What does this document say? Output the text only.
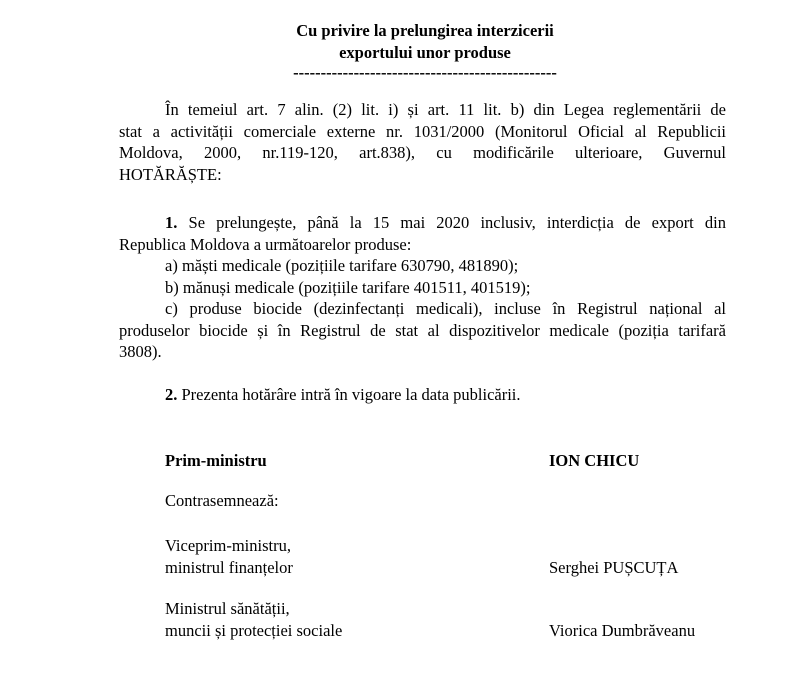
Cu privire la prelungirea interzicerii
exportului unor produse
------------------------------------------------
În temeiul art. 7 alin. (2) lit. i) și art. 11 lit. b) din Legea reglementării de
stat a activității comerciale externe nr. 1031/2000 (Monitorul Oficial al Republicii
Moldova, 2000, nr.119-120, art.838), cu modificările ulterioare, Guvernul
HOTĂRĂȘTE:
1. Se prelungește, până la 15 mai 2020 inclusiv, interdicția de export din
Republica Moldova a următoarelor produse:
a) măști medicale (pozițiile tarifare 630790, 481890);
b) mănuși medicale (pozițiile tarifare 401511, 401519);
c) produse biocide (dezinfectanți medicali), incluse în Registrul național al
produselor biocide și în Registrul de stat al dispozitivelor medicale (poziția tarifară
3808).
2. Prezenta hotărâre intră în vigoare la data publicării.
Prim-ministru	ION CHICU
Contrasemnează:
Viceprim-ministru,
ministrul finanțelor	Serghei PUȘCUȚA
Ministrul sănătății,
muncii și protecției sociale	Viorica Dumbrăveanu
